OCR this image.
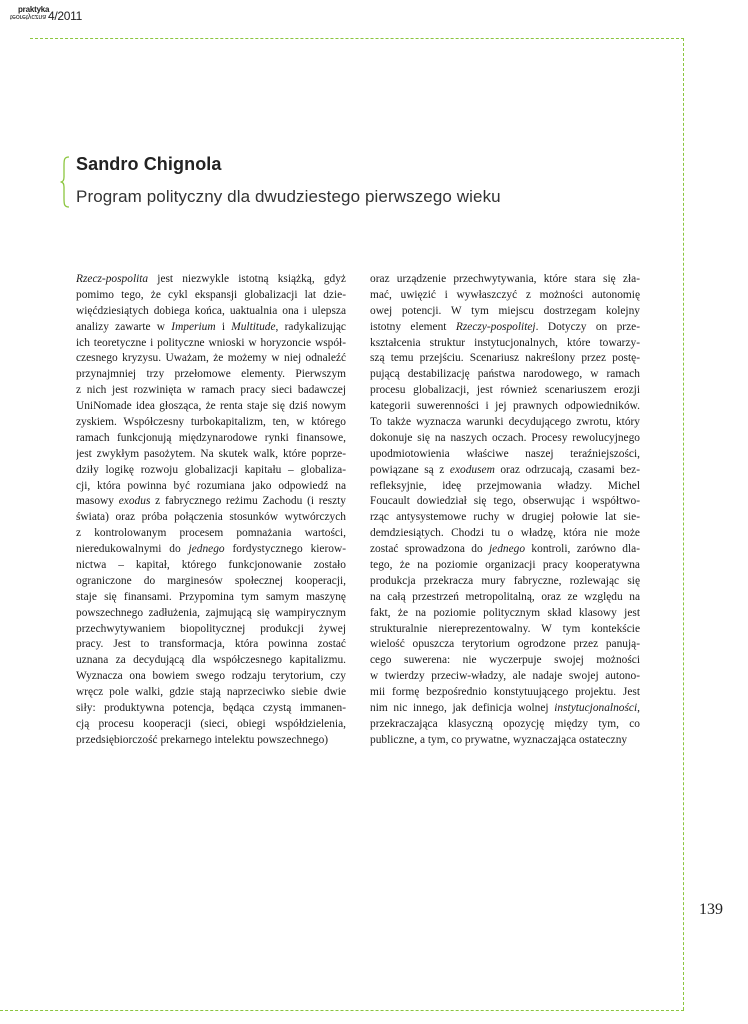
praktyka
teoretyczna 4/2011
Sandro Chignola
Program polityczny dla dwudziestego pierwszego wieku
Rzecz-pospolita jest niezwykle istotną książką, gdyż
pomimo tego, że cykl ekspansji globalizacji lat dzie-
więćdziesiątych dobiega końca, uaktualnia ona i ulepsza
analizy zawarte w Imperium i Multitude, radykalizując
ich teoretyczne i polityczne wnioski w horyzoncie współ-
czesnego kryzysu. Uważam, że możemy w niej odnaleźć
przynajmniej trzy przełomowe elementy. Pierwszym
z nich jest rozwinięta w ramach pracy sieci badawczej
UniNomade idea głosząca, że renta staje się dziś nowym
zyskiem. Współczesny turbokapitalizm, ten, w którego
ramach funkcjonują międzynarodowe rynki finansowe,
jest zwykłym pasożytem. Na skutek walk, które poprze-
dziły logikę rozwoju globalizacji kapitału – globaliza-
cji, która powinna być rozumiana jako odpowiedź na
masowy exodus z fabrycznego reżimu Zachodu (i reszty
świata) oraz próba połączenia stosunków wytwórczych
z kontrolowanym procesem pomnażania wartości,
nieredukowalnymi do jednego fordystycznego kierow-
nictwa – kapitał, którego funkcjonowanie zostało
ograniczone do marginesów społecznej kooperacji,
staje się finansami. Przypomina tym samym maszynę
powszechnego zadłużenia, zajmującą się wampirycznym
przechwytywaniem biopolitycznej produkcji żywej
pracy. Jest to transformacja, która powinna zostać
uznana za decydującą dla współczesnego kapitalizmu.
Wyznacza ona bowiem swego rodzaju terytorium, czy
wręcz pole walki, gdzie stają naprzeciwko siebie dwie
siły: produktywna potencja, będąca czystą immanen-
cją procesu kooperacji (sieci, obiegi współdzielenia,
przedsiębiorczość prekarnego intelektu powszechnego)
oraz urządzenie przechwytywania, które stara się zła-
mać, uwięzić i wywłaszczyć z możności autonomię
owej potencji. W tym miejscu dostrzegam kolejny
istotny element Rzeczy-pospolitej. Dotyczy on prze-
kształcenia struktur instytucjonalnych, które towarzy-
szą temu przejściu. Scenariusz nakreślony przez postę-
pującą destabilizację państwa narodowego, w ramach
procesu globalizacji, jest również scenariuszem erozji
kategorii suwerenności i jej prawnych odpowiedników.
To także wyznacza warunki decydującego zwrotu, który
dokonuje się na naszych oczach. Procesy rewolucyjnego
upodmiotowienia właściwe naszej teraźniejszości,
powiązane są z exodusem oraz odrzucają, czasami bez-
refleksyjnie, ideę przejmowania władzy. Michel
Foucault dowiedział się tego, obserwując i współtwo-
rząc antysystemowe ruchy w drugiej połowie lat sie-
demdziesiątych. Chodzi tu o władzę, która nie może
zostać sprowadzona do jednego kontroli, zarówno dla-
tego, że na poziomie organizacji pracy kooperatywna
produkcja przekracza mury fabryczne, rozlewając się
na całą przestrzeń metropolitalną, oraz ze względu na
fakt, że na poziomie politycznym skład klasowy jest
strukturalnie niereprezentowalny. W tym kontekście
wielość opuszcza terytorium ogrodzone przez panują-
cego suwerena: nie wyczerpuje swojej możności
w twierdzy przeciw-władzy, ale nadaje swojej autono-
mii formę bezpośrednio konstytuującego projektu. Jest
nim nic innego, jak definicja wolnej instytucjonalności,
przekraczająca klasyczną opozycję między tym, co
publiczne, a tym, co prywatne, wyznaczająca ostateczny
139
